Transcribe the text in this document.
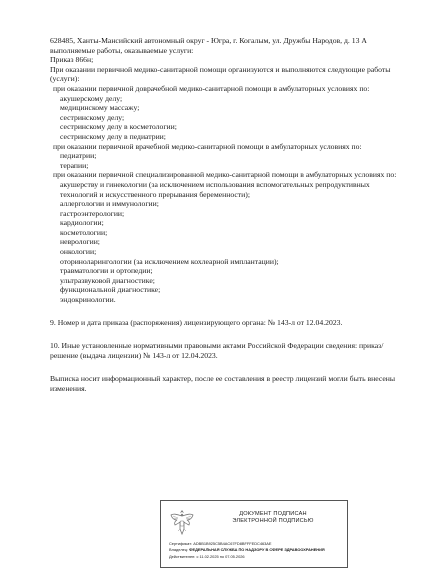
628485, Ханты-Мансийский автономный округ - Югра, г. Когалым, ул. Дружбы Народов, д. 13 А

выполняемые работы, оказываемые услуги:

Приказ 866н;

При оказании первичной медико-санитарной помощи организуются и выполняются следующие работы (услуги):

при оказании первичной доврачебной медико-санитарной помощи в амбулаторных условиях по:

акушерскому делу;

медицинскому массажу;

сестринскому делу;

сестринскому делу в косметологии;

сестринскому делу в педиатрии;

при оказании первичной врачебной медико-санитарной помощи в амбулаторных условиях по:

педиатрии;

терапии;

при оказании первичной специализированной медико-санитарной помощи в амбулаторных условиях по:

акушерству и гинекологии (за исключением использования вспомогательных репродуктивных технологий и искусственного прерывания беременности);

аллергологии и иммунологии;

гастроэнтерологии;

кардиологии;

косметологии;

неврологии;

онкологии;

оториноларингологии (за исключением кохлеарной имплантации);

травматологии и ортопедии;

ультразвуковой диагностике;

функциональной диагностике;

эндокринологии.

9. Номер и дата приказа (распоряжения) лицензирующего органа: № 143-л от 12.04.2023.

10. Иные установленные нормативными правовыми актами Российской Федерации сведения: приказ/решение (выдача лицензии) № 143-л от 12.04.2023.

Выписка носит информационный характер, после ее составления в реестр лицензий могли быть внесены изменения.

ДОКУМЕНТ ПОДПИСАН
ЭЛЕКТРОННОЙ ПОДПИСЬЮ
Сертификат: ADBB1B925C5B4AC67FD8BFFFEDC463AE
Владелец: ФЕДЕРАЛЬНАЯ СЛУЖБА ПО НАДЗОРУ В СФЕРЕ ЗДРАВООХРАНЕНИЯ
Действителен: с 11.02.2025 по 07.05.2026
